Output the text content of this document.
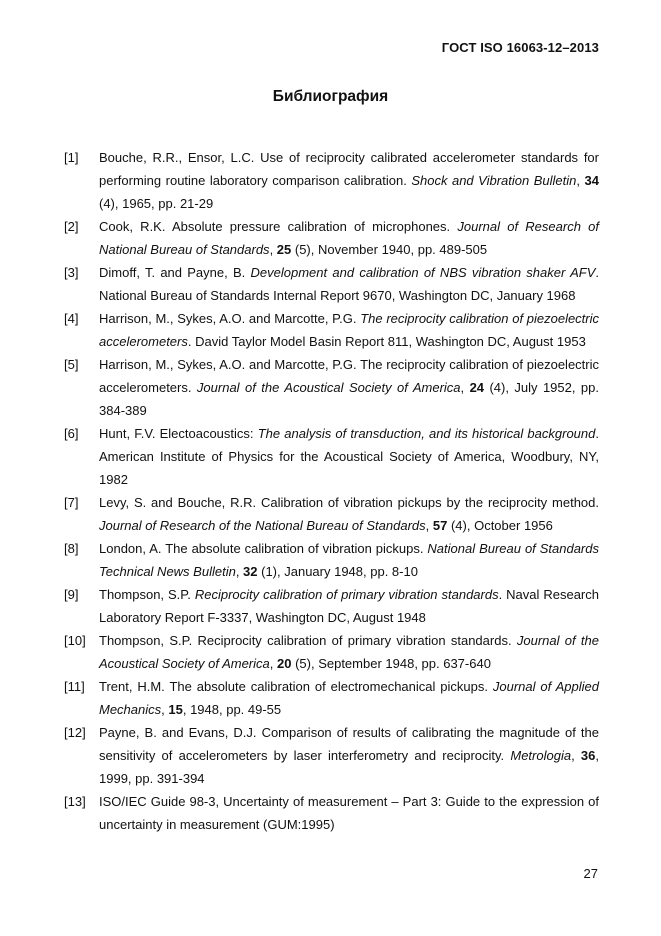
ГОСТ ISO 16063-12–2013
Библиография
[1]	Bouche, R.R., Ensor, L.C. Use of reciprocity calibrated accelerometer standards for performing routine laboratory comparison calibration. Shock and Vibration Bulletin, 34 (4), 1965, pp. 21-29
[2]	Cook, R.K. Absolute pressure calibration of microphones. Journal of Research of National Bureau of Standards, 25 (5), November 1940, pp. 489-505
[3]	Dimoff, T. and Payne, B. Development and calibration of NBS vibration shaker AFV. National Bureau of Standards Internal Report 9670, Washington DC, January 1968
[4]	Harrison, M., Sykes, A.O. and Marcotte, P.G. The reciprocity calibration of piezoelectric accelerometers. David Taylor Model Basin Report 811, Washington DC, August 1953
[5]	Harrison, M., Sykes, A.O. and Marcotte, P.G. The reciprocity calibration of piezoelectric accelerometers. Journal of the Acoustical Society of America, 24 (4), July 1952, pp. 384-389
[6]	Hunt, F.V. Electoacoustics: The analysis of transduction, and its historical background. American Institute of Physics for the Acoustical Society of America, Woodbury, NY, 1982
[7]	Levy, S. and Bouche, R.R. Calibration of vibration pickups by the reciprocity method. Journal of Research of the National Bureau of Standards, 57 (4), October 1956
[8]	London, A. The absolute calibration of vibration pickups. National Bureau of Standards Technical News Bulletin, 32 (1), January 1948, pp. 8-10
[9]	Thompson, S.P. Reciprocity calibration of primary vibration standards. Naval Research Laboratory Report F-3337, Washington DC, August 1948
[10]	Thompson, S.P. Reciprocity calibration of primary vibration standards. Journal of the Acoustical Society of America, 20 (5), September 1948, pp. 637-640
[11]	Trent, H.M. The absolute calibration of electromechanical pickups. Journal of Applied Mechanics, 15, 1948, pp. 49-55
[12]	Payne, B. and Evans, D.J. Comparison of results of calibrating the magnitude of the sensitivity of accelerometers by laser interferometry and reciprocity. Metrologia, 36, 1999, pp. 391-394
[13]	ISO/IEC Guide 98-3, Uncertainty of measurement – Part 3: Guide to the expression of uncertainty in measurement (GUM:1995)
27
